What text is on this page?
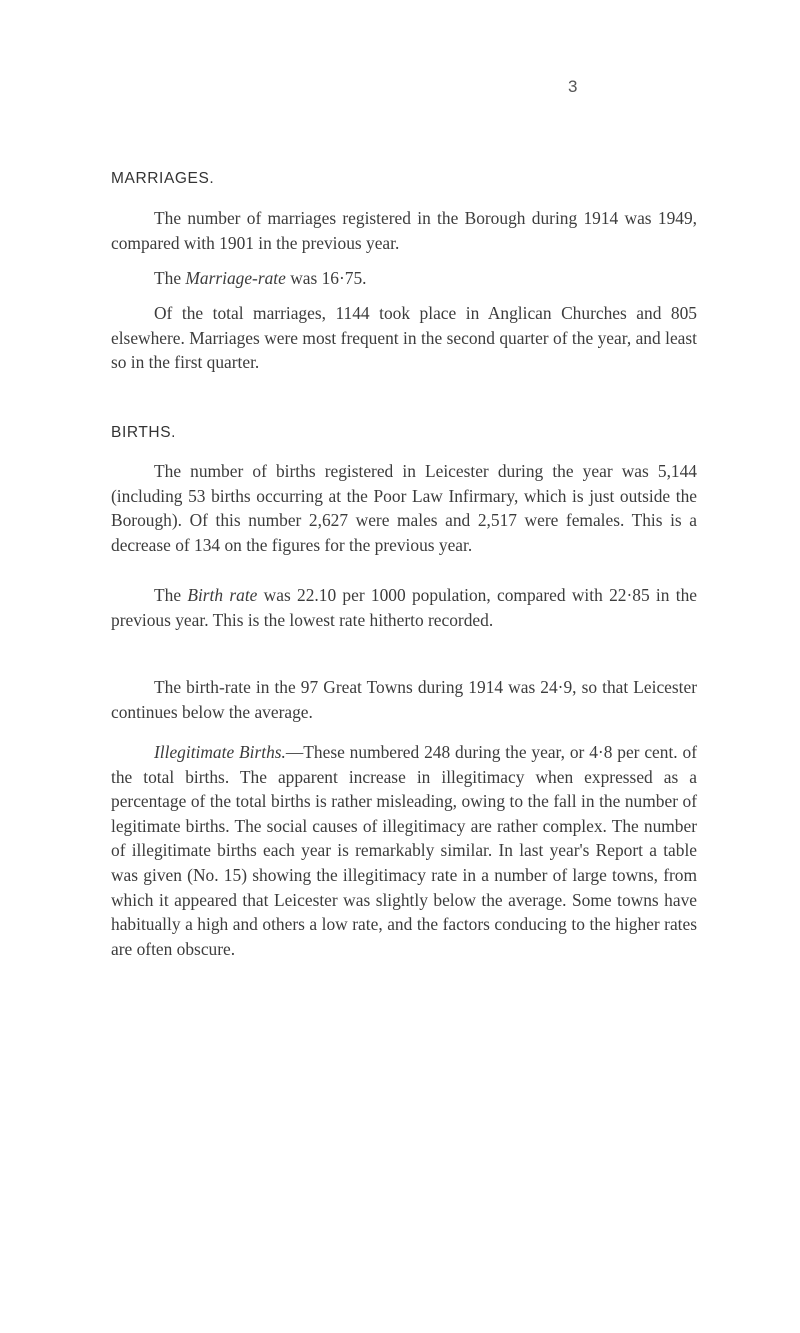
3
MARRIAGES.

The number of marriages registered in the Borough during 1914 was 1949, compared with 1901 in the previous year.

The Marriage-rate was 16·75.

Of the total marriages, 1144 took place in Anglican Churches and 805 elsewhere. Marriages were most frequent in the second quarter of the year, and least so in the first quarter.

BIRTHS.

The number of births registered in Leicester during the year was 5,144 (including 53 births occurring at the Poor Law Infirmary, which is just outside the Borough). Of this number 2,627 were males and 2,517 were females. This is a decrease of 134 on the figures for the previous year.

The Birth rate was 22.10 per 1000 population, compared with 22·85 in the previous year. This is the lowest rate hitherto recorded.

The birth-rate in the 97 Great Towns during 1914 was 24·9, so that Leicester continues below the average.

Illegitimate Births.—These numbered 248 during the year, or 4·8 per cent. of the total births. The apparent increase in illegitimacy when expressed as a percentage of the total births is rather misleading, owing to the fall in the number of legitimate births. The social causes of illegitimacy are rather complex. The number of illegitimate births each year is remarkably similar. In last year's Report a table was given (No. 15) showing the illegitimacy rate in a number of large towns, from which it appeared that Leicester was slightly below the average. Some towns have habitually a high and others a low rate, and the factors conducing to the higher rates are often obscure.
